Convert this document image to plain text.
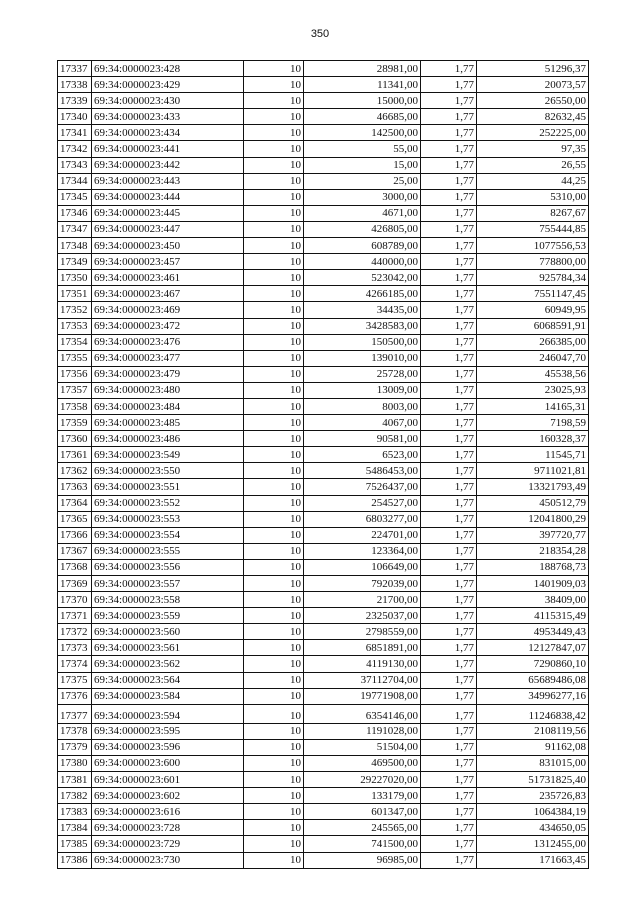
350
17337	69:34:0000023:428	10	28981,00	1,77	51296,37
17338	69:34:0000023:429	10	11341,00	1,77	20073,57
17339	69:34:0000023:430	10	15000,00	1,77	26550,00
17340	69:34:0000023:433	10	46685,00	1,77	82632,45
17341	69:34:0000023:434	10	142500,00	1,77	252225,00
17342	69:34:0000023:441	10	55,00	1,77	97,35
17343	69:34:0000023:442	10	15,00	1,77	26,55
17344	69:34:0000023:443	10	25,00	1,77	44,25
17345	69:34:0000023:444	10	3000,00	1,77	5310,00
17346	69:34:0000023:445	10	4671,00	1,77	8267,67
17347	69:34:0000023:447	10	426805,00	1,77	755444,85
17348	69:34:0000023:450	10	608789,00	1,77	1077556,53
17349	69:34:0000023:457	10	440000,00	1,77	778800,00
17350	69:34:0000023:461	10	523042,00	1,77	925784,34
17351	69:34:0000023:467	10	4266185,00	1,77	7551147,45
17352	69:34:0000023:469	10	34435,00	1,77	60949,95
17353	69:34:0000023:472	10	3428583,00	1,77	6068591,91
17354	69:34:0000023:476	10	150500,00	1,77	266385,00
17355	69:34:0000023:477	10	139010,00	1,77	246047,70
17356	69:34:0000023:479	10	25728,00	1,77	45538,56
17357	69:34:0000023:480	10	13009,00	1,77	23025,93
17358	69:34:0000023:484	10	8003,00	1,77	14165,31
17359	69:34:0000023:485	10	4067,00	1,77	7198,59
17360	69:34:0000023:486	10	90581,00	1,77	160328,37
17361	69:34:0000023:549	10	6523,00	1,77	11545,71
17362	69:34:0000023:550	10	5486453,00	1,77	9711021,81
17363	69:34:0000023:551	10	7526437,00	1,77	13321793,49
17364	69:34:0000023:552	10	254527,00	1,77	450512,79
17365	69:34:0000023:553	10	6803277,00	1,77	12041800,29
17366	69:34:0000023:554	10	224701,00	1,77	397720,77
17367	69:34:0000023:555	10	123364,00	1,77	218354,28
17368	69:34:0000023:556	10	106649,00	1,77	188768,73
17369	69:34:0000023:557	10	792039,00	1,77	1401909,03
17370	69:34:0000023:558	10	21700,00	1,77	38409,00
17371	69:34:0000023:559	10	2325037,00	1,77	4115315,49
17372	69:34:0000023:560	10	2798559,00	1,77	4953449,43
17373	69:34:0000023:561	10	6851891,00	1,77	12127847,07
17374	69:34:0000023:562	10	4119130,00	1,77	7290860,10
17375	69:34:0000023:564	10	37112704,00	1,77	65689486,08
17376	69:34:0000023:584	10	19771908,00	1,77	34996277,16
17377	69:34:0000023:594	10	6354146,00	1,77	11246838,42
17378	69:34:0000023:595	10	1191028,00	1,77	2108119,56
17379	69:34:0000023:596	10	51504,00	1,77	91162,08
17380	69:34:0000023:600	10	469500,00	1,77	831015,00
17381	69:34:0000023:601	10	29227020,00	1,77	51731825,40
17382	69:34:0000023:602	10	133179,00	1,77	235726,83
17383	69:34:0000023:616	10	601347,00	1,77	1064384,19
17384	69:34:0000023:728	10	245565,00	1,77	434650,05
17385	69:34:0000023:729	10	741500,00	1,77	1312455,00
17386	69:34:0000023:730	10	96985,00	1,77	171663,45
